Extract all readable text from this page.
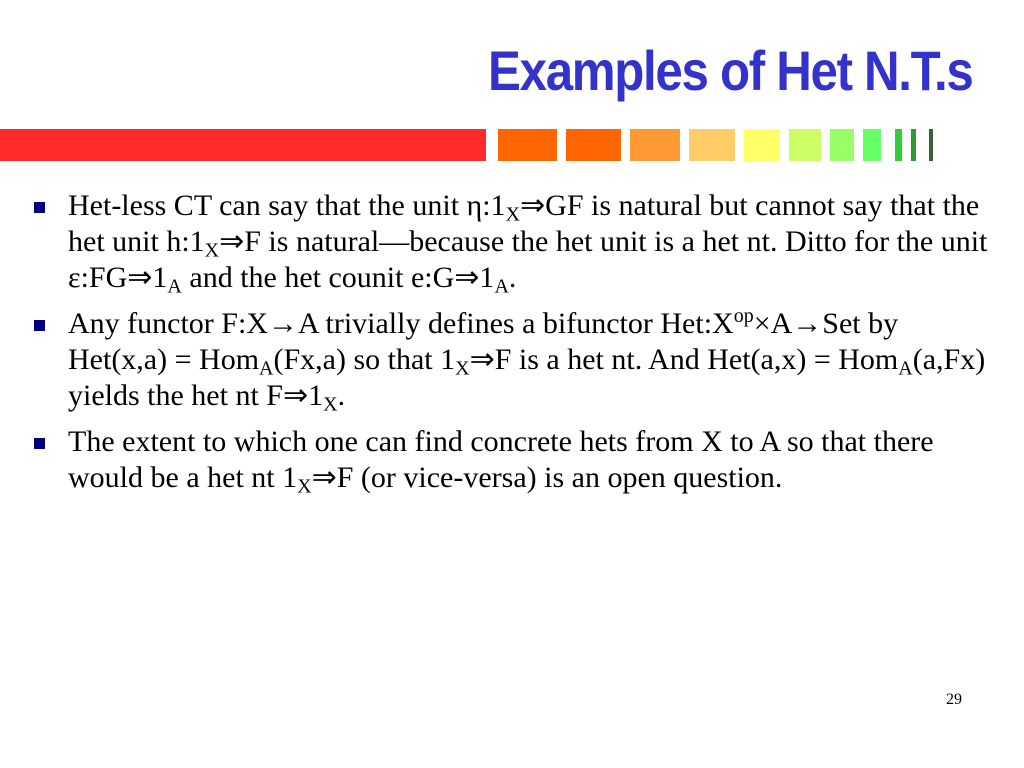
Examples of Het N.T.s
Het-less CT can say that the unit $\eta:1_X\Rightarrow GF$ is natural but cannot say that the het unit $h:1_X\Rightarrow F$ is natural—because the het unit is a het nt. Ditto for the unit $\varepsilon:FG\Rightarrow 1_A$ and the het counit $e:G\Rightarrow 1_A$.
Any functor F:X→A trivially defines a bifunctor $Het:X^{op}\times A\to Set$ by Het(x,a) = Hom$_A$(Fx,a) so that $1_X\Rightarrow F$ is a het nt. And Het(a,x) = Hom$_A$(a,Fx) yields the het nt $F\Rightarrow 1_X$.
The extent to which one can find concrete hets from X to A so that there would be a het nt $1_X\Rightarrow F$ (or vice-versa) is an open question.
29
